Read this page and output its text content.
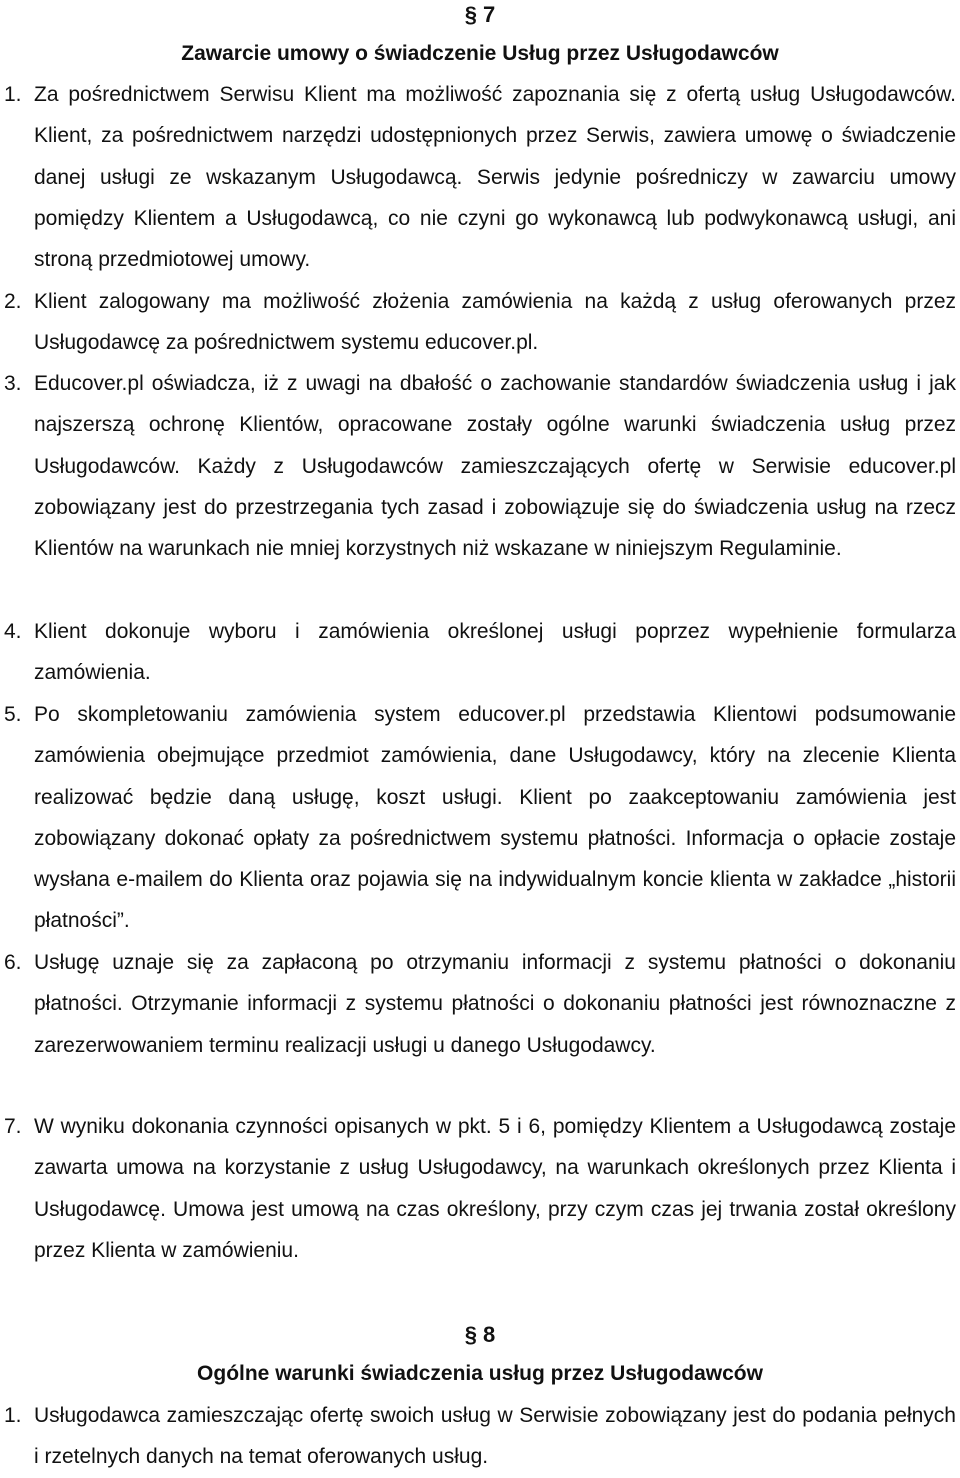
§ 7
Zawarcie umowy o świadczenie Usług przez Usługodawców
1. Za pośrednictwem Serwisu Klient ma możliwość zapoznania się z ofertą usług Usługodawców. Klient, za pośrednictwem narzędzi udostępnionych przez Serwis, zawiera umowę o świadczenie danej usługi ze wskazanym Usługodawcą. Serwis jedynie pośredniczy w zawarciu umowy pomiędzy Klientem a Usługodawcą, co nie czyni go wykonawcą lub podwykonawcą usługi, ani stroną przedmiotowej umowy.
2. Klient zalogowany ma możliwość złożenia zamówienia na każdą z usług oferowanych przez Usługodawcę za pośrednictwem systemu educover.pl.
3. Educover.pl oświadcza, iż z uwagi na dbałość o zachowanie standardów świadczenia usług i jak najszerszą ochronę Klientów, opracowane zostały ogólne warunki świadczenia usług przez Usługodawców. Każdy z Usługodawców zamieszczających ofertę w Serwisie educover.pl zobowiązany jest do przestrzegania tych zasad i zobowiązuje się do świadczenia usług na rzecz Klientów na warunkach nie mniej korzystnych niż wskazane w niniejszym Regulaminie.
4. Klient dokonuje wyboru i zamówienia określonej usługi poprzez wypełnienie formularza zamówienia.
5. Po skompletowaniu zamówienia system educover.pl przedstawia Klientowi podsumowanie zamówienia obejmujące przedmiot zamówienia, dane Usługodawcy, który na zlecenie Klienta realizować będzie daną usługę, koszt usługi. Klient po zaakceptowaniu zamówienia jest zobowiązany dokonać opłaty za pośrednictwem systemu płatności. Informacja o opłacie zostaje wysłana e-mailem do Klienta oraz pojawia się na indywidualnym koncie klienta w zakładce „historii płatności”.
6. Usługę uznaje się za zapłaconą po otrzymaniu informacji z systemu płatności o dokonaniu płatności. Otrzymanie informacji z systemu płatności o dokonaniu płatności jest równoznaczne z zarezerwowaniem terminu realizacji usługi u danego Usługodawcy.
7. W wyniku dokonania czynności opisanych w pkt. 5 i 6, pomiędzy Klientem a Usługodawcą zostaje zawarta umowa na korzystanie z usług Usługodawcy, na warunkach określonych przez Klienta i Usługodawcę. Umowa jest umową na czas określony, przy czym czas jej trwania został określony przez Klienta w zamówieniu.
§ 8
Ogólne warunki świadczenia usług przez Usługodawców
1. Usługodawca zamieszczając ofertę swoich usług w Serwisie zobowiązany jest do podania pełnych i rzetelnych danych na temat oferowanych usług.
